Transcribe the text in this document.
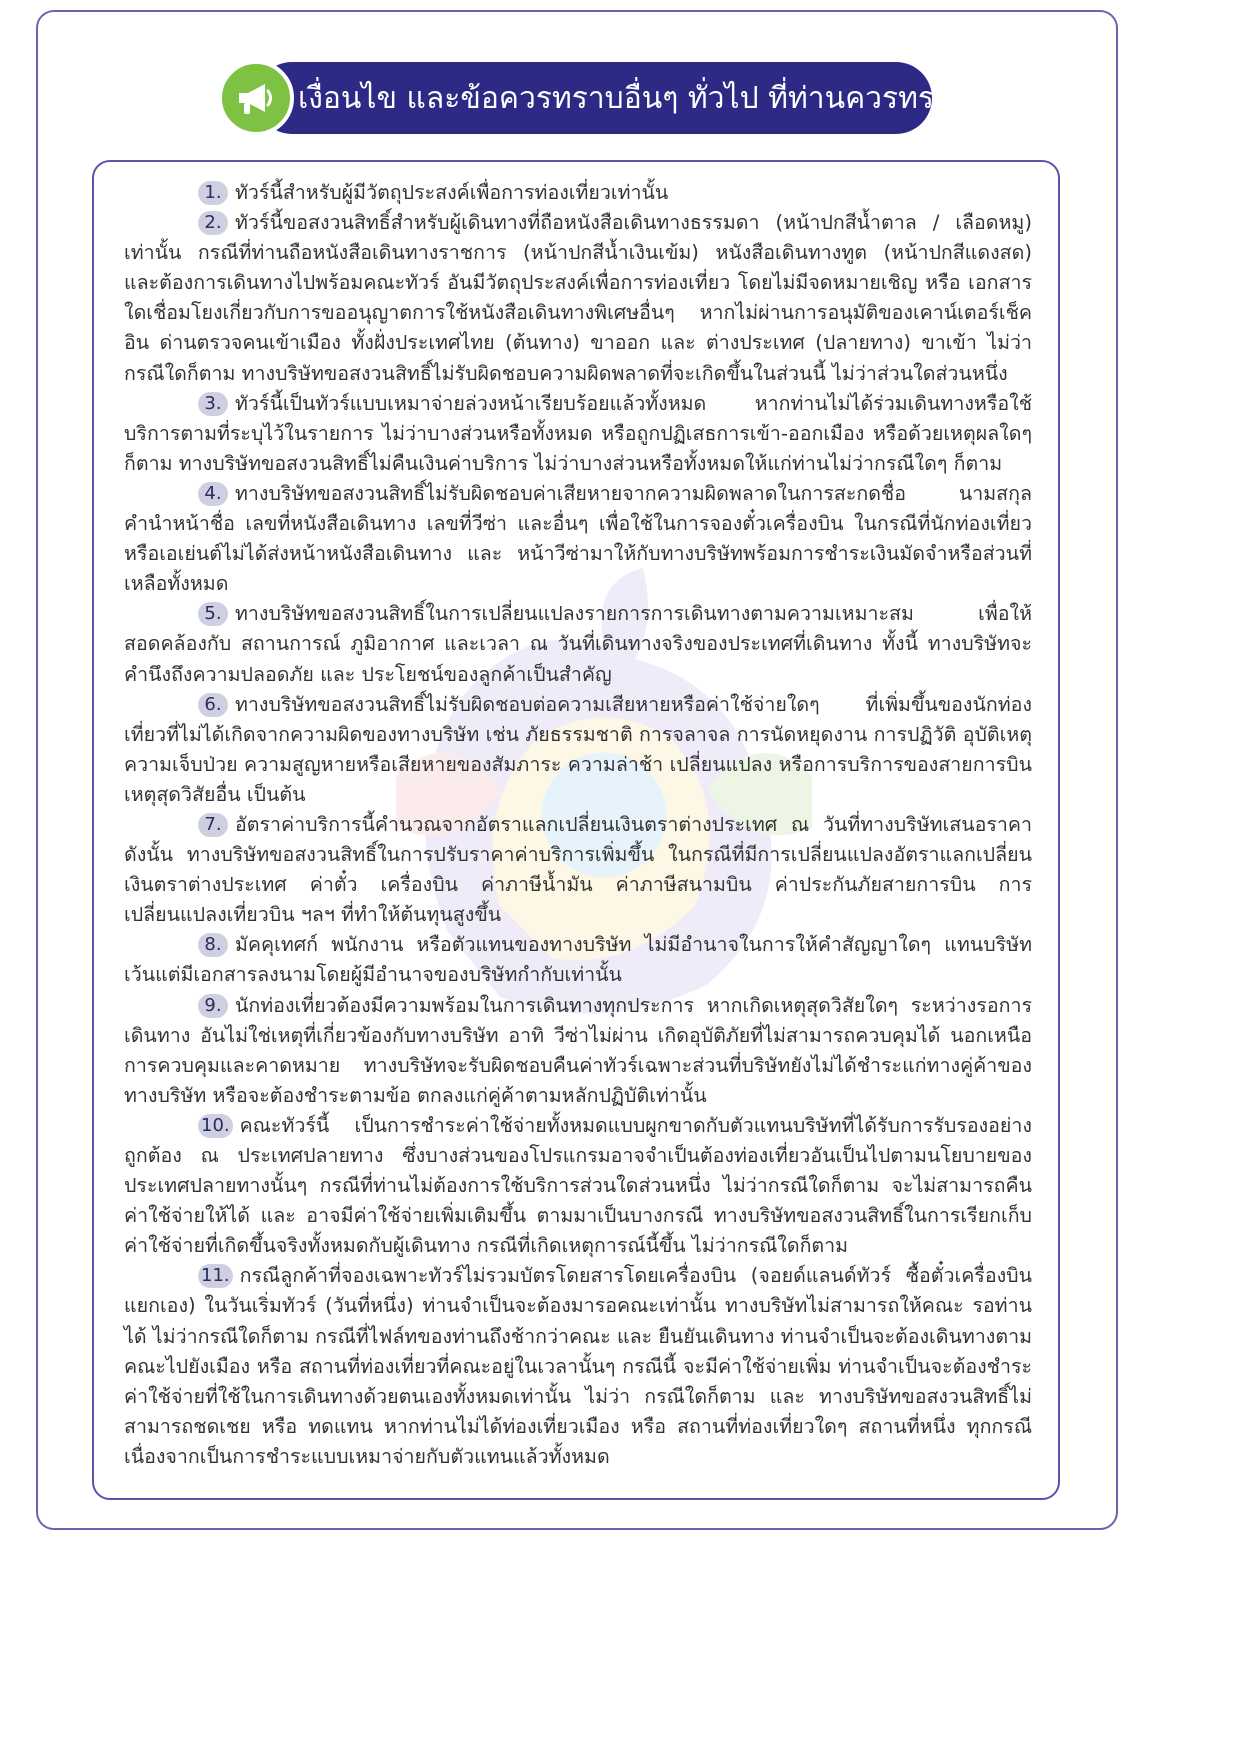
เงื่อนไข และข้อควรทราบอื่นๆ ทั่วไป ที่ท่านควรทราบ
1. ทัวร์นี้สำหรับผู้มีวัตถุประสงค์เพื่อการท่องเที่ยวเท่านั้น
2. ทัวร์นี้ขอสงวนสิทธิ์สำหรับผู้เดินทางที่ถือหนังสือเดินทางธรรมดา (หน้าปกสีน้ำตาล / เลือดหมู) เท่านั้น กรณีที่ท่านถือหนังสือเดินทางราชการ (หน้าปกสีน้ำเงินเข้ม) หนังสือเดินทางทูต (หน้าปกสีแดงสด) และต้องการเดินทางไปพร้อมคณะทัวร์ อันมีวัตถุประสงค์เพื่อการท่องเที่ยว โดยไม่มีจดหมายเชิญ หรือ เอกสารใดเชื่อมโยงเกี่ยวกับการขออนุญาตการใช้หนังสือเดินทางพิเศษอื่นๆ หากไม่ผ่านการอนุมัติของเคาน์เตอร์เช็คอิน ด่านตรวจคนเข้าเมือง ทั้งฝั่งประเทศไทย (ต้นทาง) ขาออก และ ต่างประเทศ (ปลายทาง) ขาเข้า ไม่ว่ากรณีใดก็ตาม ทางบริษัทขอสงวนสิทธิ์ไม่รับผิดชอบความผิดพลาดที่จะเกิดขึ้นในส่วนนี้ ไม่ว่าส่วนใดส่วนหนึ่ง
3. ทัวร์นี้เป็นทัวร์แบบเหมาจ่ายล่วงหน้าเรียบร้อยแล้วทั้งหมด หากท่านไม่ได้ร่วมเดินทางหรือใช้บริการตามที่ระบุไว้ในรายการ ไม่ว่าบางส่วนหรือทั้งหมด หรือถูกปฏิเสธการเข้า-ออกเมือง หรือด้วยเหตุผลใดๆ ก็ตาม ทางบริษัทขอสงวนสิทธิ์ไม่คืนเงินค่าบริการ ไม่ว่าบางส่วนหรือทั้งหมดให้แก่ท่านไม่ว่ากรณีใดๆ ก็ตาม
4. ทางบริษัทขอสงวนสิทธิ์ไม่รับผิดชอบค่าเสียหายจากความผิดพลาดในการสะกดชื่อ นามสกุล คำนำหน้าชื่อ เลขที่หนังสือเดินทาง เลขที่วีซ่า และอื่นๆ เพื่อใช้ในการจองตั๋วเครื่องบิน ในกรณีที่นักท่องเที่ยว หรือเอเย่นต์ไม่ได้ส่งหน้าหนังสือเดินทาง และ หน้าวีซ่ามาให้กับทางบริษัทพร้อมการชำระเงินมัดจำหรือส่วนที่เหลือทั้งหมด
5. ทางบริษัทขอสงวนสิทธิ์ในการเปลี่ยนแปลงรายการการเดินทางตามความเหมาะสม เพื่อให้สอดคล้องกับ สถานการณ์ ภูมิอากาศ และเวลา ณ วันที่เดินทางจริงของประเทศที่เดินทาง ทั้งนี้ ทางบริษัทจะคำนึงถึงความปลอดภัย และ ประโยชน์ของลูกค้าเป็นสำคัญ
6. ทางบริษัทขอสงวนสิทธิ์ไม่รับผิดชอบต่อความเสียหายหรือค่าใช้จ่ายใดๆ ที่เพิ่มขึ้นของนักท่องเที่ยวที่ไม่ได้เกิดจากความผิดของทางบริษัท เช่น ภัยธรรมชาติ การจลาจล การนัดหยุดงาน การปฏิวัติ อุบัติเหตุ ความเจ็บป่วย ความสูญหายหรือเสียหายของสัมภาระ ความล่าช้า เปลี่ยนแปลง หรือการบริการของสายการบิน เหตุสุดวิสัยอื่น เป็นต้น
7. อัตราค่าบริการนี้คำนวณจากอัตราแลกเปลี่ยนเงินตราต่างประเทศ ณ วันที่ทางบริษัทเสนอราคา ดังนั้น ทางบริษัทขอสงวนสิทธิ์ในการปรับราคาค่าบริการเพิ่มขึ้น ในกรณีที่มีการเปลี่ยนแปลงอัตราแลกเปลี่ยนเงินตราต่างประเทศ ค่าตั๋ว เครื่องบิน ค่าภาษีน้ำมัน ค่าภาษีสนามบิน ค่าประกันภัยสายการบิน การเปลี่ยนแปลงเที่ยวบิน ฯลฯ ที่ทำให้ต้นทุนสูงขึ้น
8. มัคคุเทศก์ พนักงาน หรือตัวแทนของทางบริษัท ไม่มีอำนาจในการให้คำสัญญาใดๆ แทนบริษัท เว้นแต่มีเอกสารลงนามโดยผู้มีอำนาจของบริษัทกำกับเท่านั้น
9. นักท่องเที่ยวต้องมีความพร้อมในการเดินทางทุกประการ หากเกิดเหตุสุดวิสัยใดๆ ระหว่างรอการเดินทาง อันไม่ใช่เหตุที่เกี่ยวข้องกับทางบริษัท อาทิ วีซ่าไม่ผ่าน เกิดอุบัติภัยที่ไม่สามารถควบคุมได้ นอกเหนือการควบคุมและคาดหมาย ทางบริษัทจะรับผิดชอบคืนค่าทัวร์เฉพาะส่วนที่บริษัทยังไม่ได้ชำระแก่ทางคู่ค้าของทางบริษัท หรือจะต้องชำระตามข้อ ตกลงแก่คู่ค้าตามหลักปฏิบัติเท่านั้น
10. คณะทัวร์นี้ เป็นการชำระค่าใช้จ่ายทั้งหมดแบบผูกขาดกับตัวแทนบริษัทที่ได้รับการรับรองอย่างถูกต้อง ณ ประเทศปลายทาง ซึ่งบางส่วนของโปรแกรมอาจจำเป็นต้องท่องเที่ยวอันเป็นไปตามนโยบายของประเทศปลายทางนั้นๆ กรณีที่ท่านไม่ต้องการใช้บริการส่วนใดส่วนหนึ่ง ไม่ว่ากรณีใดก็ตาม จะไม่สามารถคืนค่าใช้จ่ายให้ได้ และ อาจมีค่าใช้จ่ายเพิ่มเติมขึ้น ตามมาเป็นบางกรณี ทางบริษัทขอสงวนสิทธิ์ในการเรียกเก็บค่าใช้จ่ายที่เกิดขึ้นจริงทั้งหมดกับผู้เดินทาง กรณีที่เกิดเหตุการณ์นี้ขึ้น ไม่ว่ากรณีใดก็ตาม
11. กรณีลูกค้าที่จองเฉพาะทัวร์ไม่รวมบัตรโดยสารโดยเครื่องบิน (จอยด์แลนด์ทัวร์ ซื้อตั๋วเครื่องบินแยกเอง) ในวันเริ่มทัวร์ (วันที่หนึ่ง) ท่านจำเป็นจะต้องมารอคณะเท่านั้น ทางบริษัทไม่สามารถให้คณะ รอท่านได้ ไม่ว่ากรณีใดก็ตาม กรณีที่ไฟล์ทของท่านถึงช้ากว่าคณะ และ ยืนยันเดินทาง ท่านจำเป็นจะต้องเดินทางตามคณะไปยังเมือง หรือ สถานที่ท่องเที่ยวที่คณะอยู่ในเวลานั้นๆ กรณีนี้ จะมีค่าใช้จ่ายเพิ่ม ท่านจำเป็นจะต้องชำระค่าใช้จ่ายที่ใช้ในการเดินทางด้วยตนเองทั้งหมดเท่านั้น ไม่ว่า กรณีใดก็ตาม และ ทางบริษัทขอสงวนสิทธิ์ไม่สามารถชดเชย หรือ ทดแทน หากท่านไม่ได้ท่องเที่ยวเมือง หรือ สถานที่ท่องเที่ยวใดๆ สถานที่หนึ่ง ทุกกรณี เนื่องจากเป็นการชำระแบบเหมาจ่ายกับตัวแทนแล้วทั้งหมด
